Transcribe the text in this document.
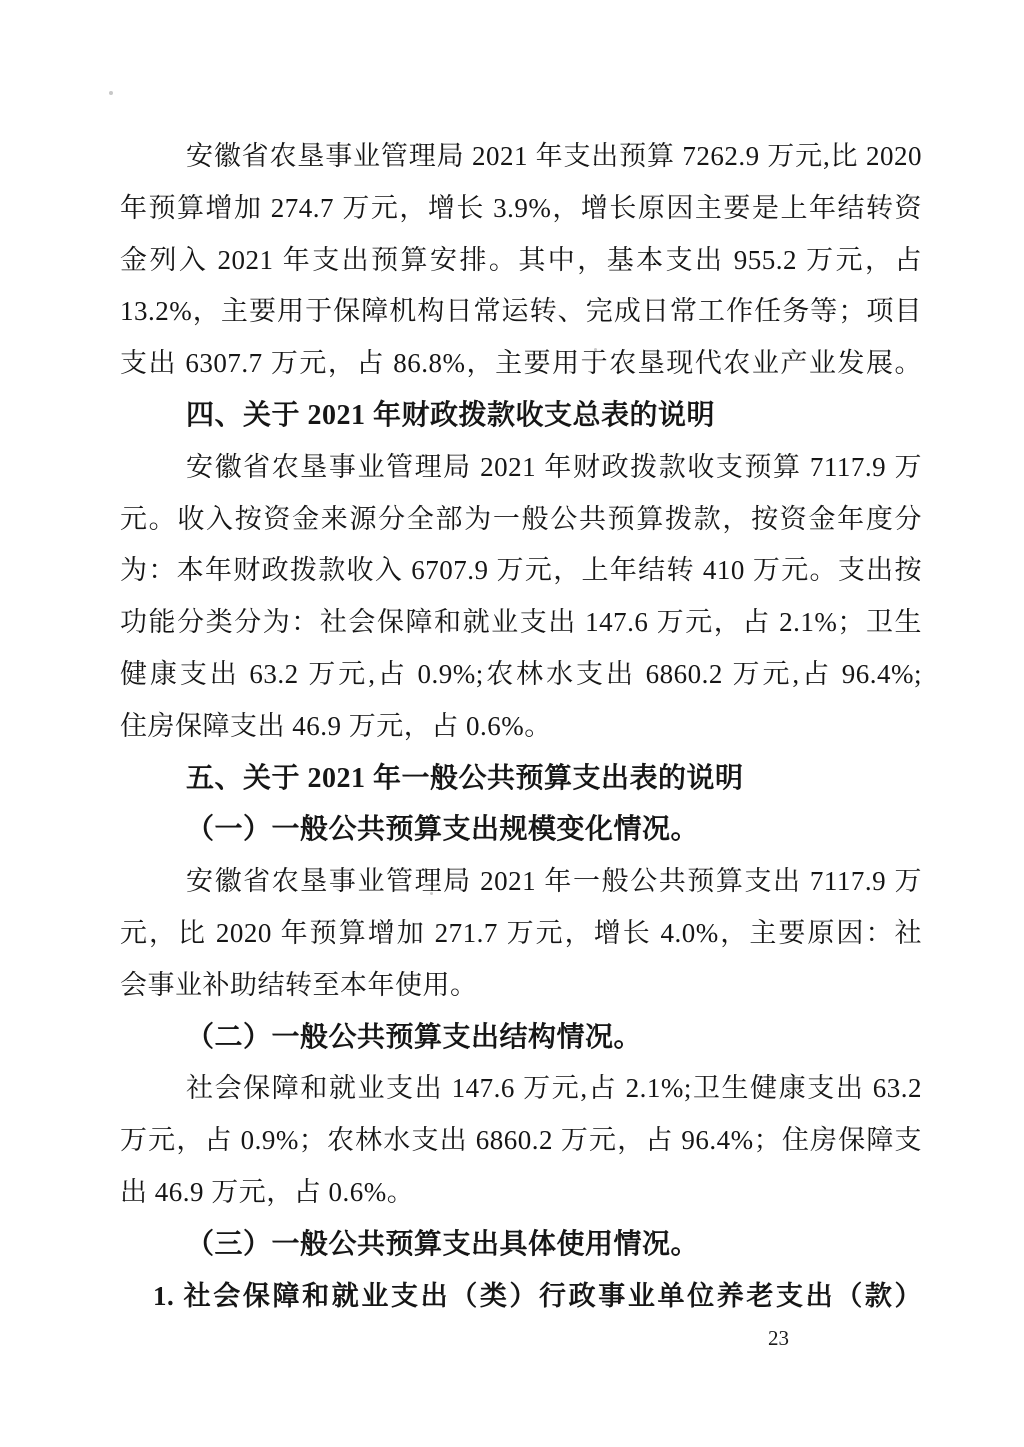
安徽省农垦事业管理局 2021 年支出预算 7262.9 万元,比 2020
年预算增加 274.7 万元，增长 3.9%，增长原因主要是上年结转资
金列入 2021 年支出预算安排。其中，基本支出 955.2 万元，占
13.2%，主要用于保障机构日常运转、完成日常工作任务等；项目
支出 6307.7 万元，占 86.8%，主要用于农垦现代农业产业发展。
四、关于 2021 年财政拨款收支总表的说明
安徽省农垦事业管理局 2021 年财政拨款收支预算 7117.9 万
元。收入按资金来源分全部为一般公共预算拨款，按资金年度分
为：本年财政拨款收入 6707.9 万元，上年结转 410 万元。支出按
功能分类分为：社会保障和就业支出 147.6 万元，占 2.1%；卫生
健康支出 63.2 万元,占 0.9%;农林水支出 6860.2 万元,占 96.4%;
住房保障支出 46.9 万元，占 0.6%。
五、关于 2021 年一般公共预算支出表的说明
（一）一般公共预算支出规模变化情况。
安徽省农垦事业管理局 2021 年一般公共预算支出 7117.9 万
元，比 2020 年预算增加 271.7 万元，增长 4.0%，主要原因：社
会事业补助结转至本年使用。
（二）一般公共预算支出结构情况。
社会保障和就业支出 147.6 万元,占 2.1%;卫生健康支出 63.2
万元，占 0.9%；农林水支出 6860.2 万元，占 96.4%；住房保障支
出 46.9 万元，占 0.6%。
（三）一般公共预算支出具体使用情况。
1. 社会保障和就业支出（类）行政事业单位养老支出（款）
23
